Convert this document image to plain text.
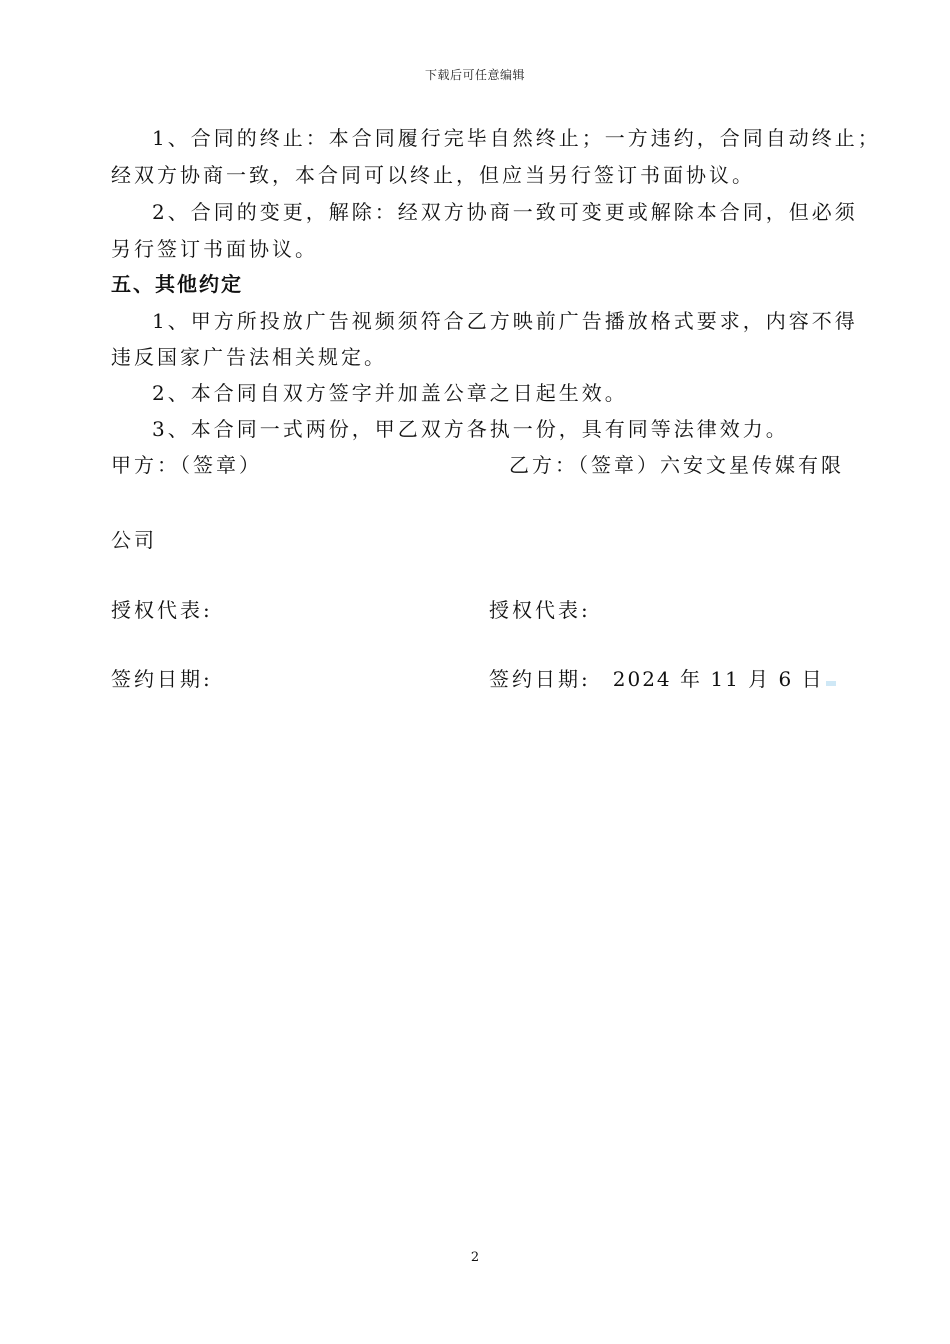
下载后可任意编辑
1、合同的终止：本合同履行完毕自然终止；一方违约，合同自动终止；
经双方协商一致，本合同可以终止，但应当另行签订书面协议。
2、合同的变更，解除：经双方协商一致可变更或解除本合同，但必须
另行签订书面协议。
五、其他约定
1、甲方所投放广告视频须符合乙方映前广告播放格式要求，内容不得
违反国家广告法相关规定。
2、本合同自双方签字并加盖公章之日起生效。
3、本合同一式两份，甲乙双方各执一份，具有同等法律效力。
甲方：（签章）	乙方：（签章）六安文星传媒有限
公司
授权代表:	授权代表:
签约日期:	签约日期: 2024 年 11 月 6 日
2
